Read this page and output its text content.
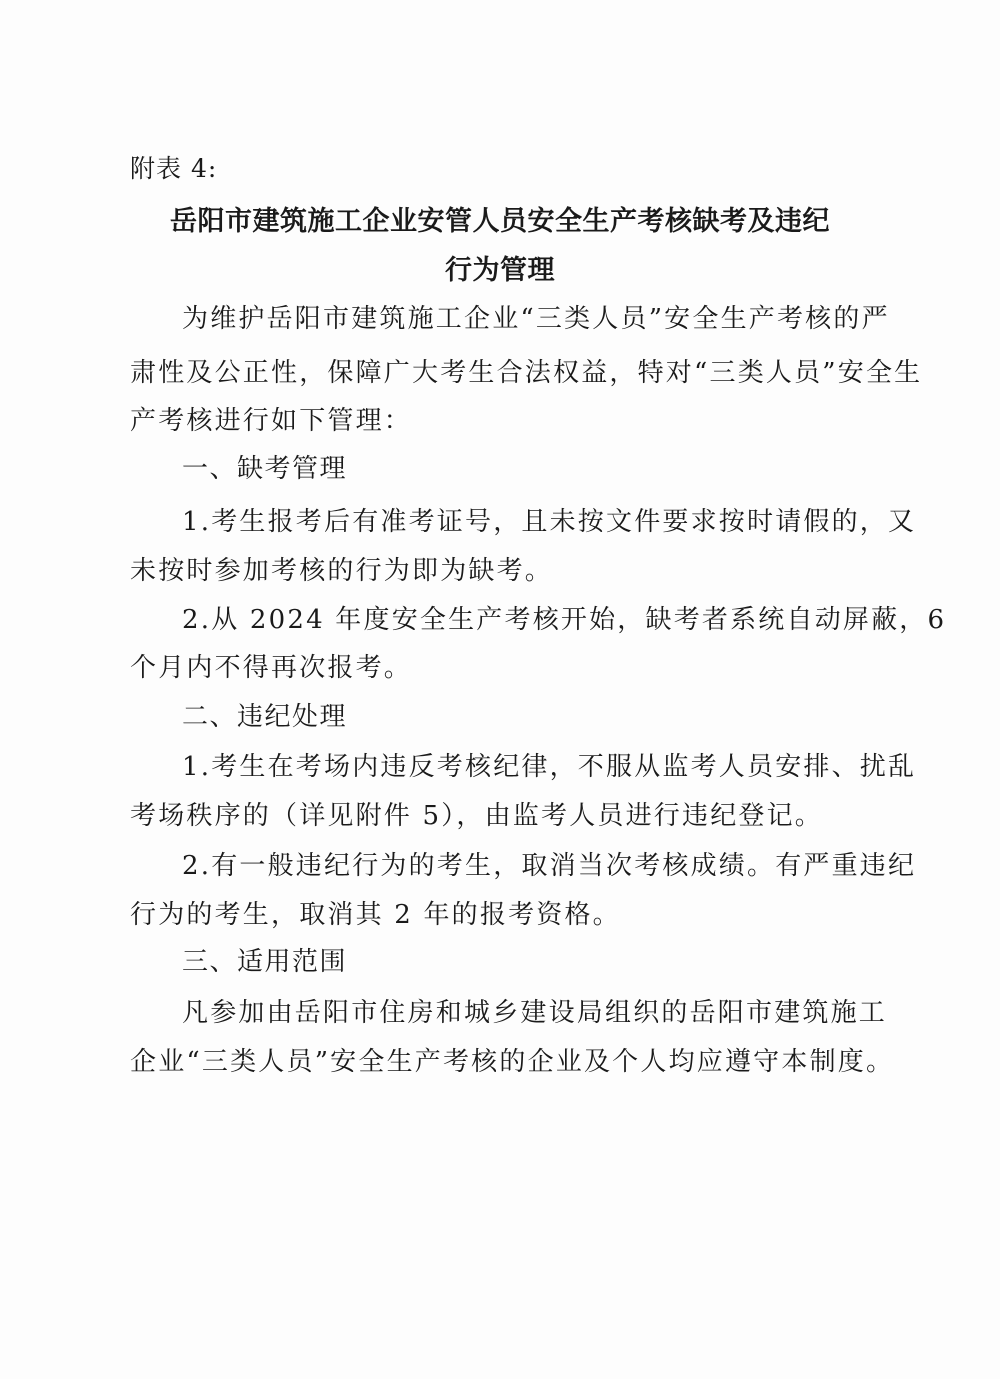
附表 4:
岳阳市建筑施工企业安管人员安全生产考核缺考及违纪
行为管理
为维护岳阳市建筑施工企业“三类人员”安全生产考核的严
肃性及公正性，保障广大考生合法权益，特对“三类人员”安全生
产考核进行如下管理：
一、缺考管理
1.考生报考后有准考证号，且未按文件要求按时请假的，又
未按时参加考核的行为即为缺考。
2.从 2024 年度安全生产考核开始，缺考者系统自动屏蔽，6
个月内不得再次报考。
二、违纪处理
1.考生在考场内违反考核纪律，不服从监考人员安排、扰乱
考场秩序的（详见附件 5），由监考人员进行违纪登记。
2.有一般违纪行为的考生，取消当次考核成绩。有严重违纪
行为的考生，取消其 2 年的报考资格。
三、适用范围
凡参加由岳阳市住房和城乡建设局组织的岳阳市建筑施工
企业“三类人员”安全生产考核的企业及个人均应遵守本制度。
